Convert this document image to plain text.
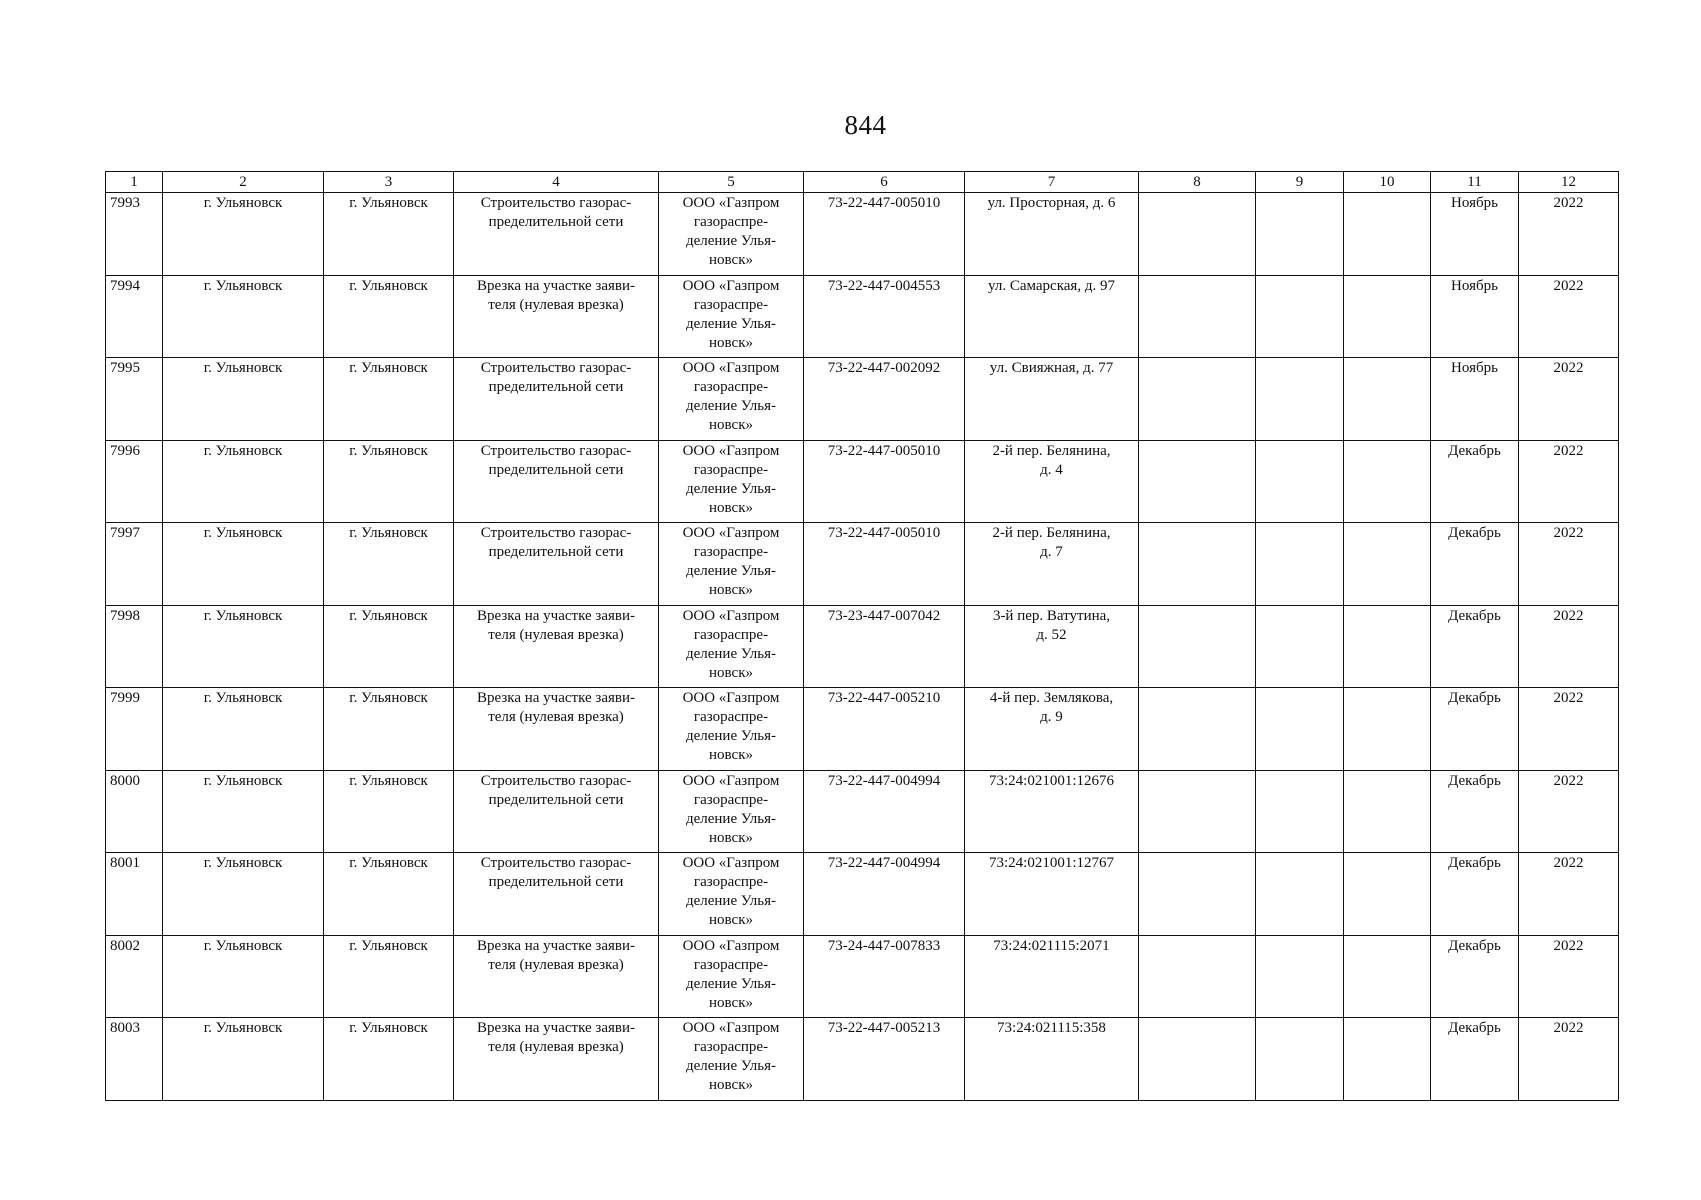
844
1	2	3	4	5	6	7	8	9	10	11	12
7993	г. Ульяновск	г. Ульяновск	Строительство газорас-
пределительной сети	ООО «Газпром
газораспре-
деление Улья-
новск»	73-22-447-005010	ул. Просторная, д. 6				Ноябрь	2022
7994	г. Ульяновск	г. Ульяновск	Врезка на участке заяви-
теля (нулевая врезка)	ООО «Газпром
газораспре-
деление Улья-
новск»	73-22-447-004553	ул. Самарская, д. 97				Ноябрь	2022
7995	г. Ульяновск	г. Ульяновск	Строительство газорас-
пределительной сети	ООО «Газпром
газораспре-
деление Улья-
новск»	73-22-447-002092	ул. Свияжная, д. 77				Ноябрь	2022
7996	г. Ульяновск	г. Ульяновск	Строительство газорас-
пределительной сети	ООО «Газпром
газораспре-
деление Улья-
новск»	73-22-447-005010	2-й пер. Белянина,
д. 4				Декабрь	2022
7997	г. Ульяновск	г. Ульяновск	Строительство газорас-
пределительной сети	ООО «Газпром
газораспре-
деление Улья-
новск»	73-22-447-005010	2-й пер. Белянина,
д. 7				Декабрь	2022
7998	г. Ульяновск	г. Ульяновск	Врезка на участке заяви-
теля (нулевая врезка)	ООО «Газпром
газораспре-
деление Улья-
новск»	73-23-447-007042	3-й пер. Ватутина,
д. 52				Декабрь	2022
7999	г. Ульяновск	г. Ульяновск	Врезка на участке заяви-
теля (нулевая врезка)	ООО «Газпром
газораспре-
деление Улья-
новск»	73-22-447-005210	4-й пер. Землякова,
д. 9				Декабрь	2022
8000	г. Ульяновск	г. Ульяновск	Строительство газорас-
пределительной сети	ООО «Газпром
газораспре-
деление Улья-
новск»	73-22-447-004994	73:24:021001:12676				Декабрь	2022
8001	г. Ульяновск	г. Ульяновск	Строительство газорас-
пределительной сети	ООО «Газпром
газораспре-
деление Улья-
новск»	73-22-447-004994	73:24:021001:12767				Декабрь	2022
8002	г. Ульяновск	г. Ульяновск	Врезка на участке заяви-
теля (нулевая врезка)	ООО «Газпром
газораспре-
деление Улья-
новск»	73-24-447-007833	73:24:021115:2071				Декабрь	2022
8003	г. Ульяновск	г. Ульяновск	Врезка на участке заяви-
теля (нулевая врезка)	ООО «Газпром
газораспре-
деление Улья-
новск»	73-22-447-005213	73:24:021115:358				Декабрь	2022
